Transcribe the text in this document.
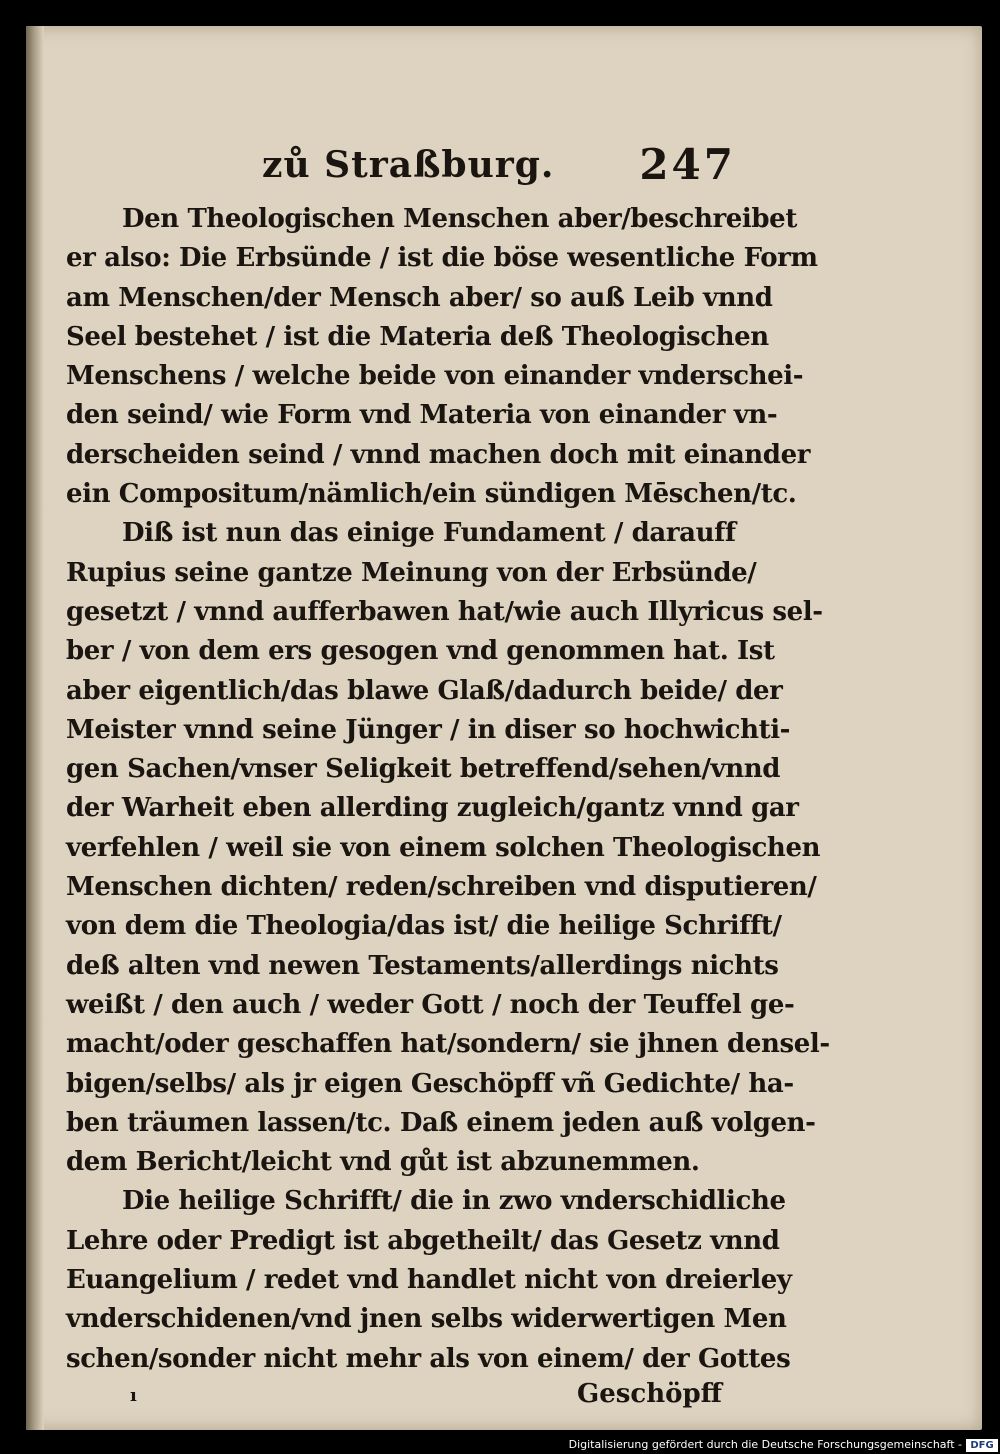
zů Straßburg. 247
Den Theologischen Menschen aber/beschreibet
er also: Die Erbsünde / ist die böse wesentliche Form
am Menschen/der Mensch aber/ so auß Leib vnnd
Seel bestehet / ist die Materia deß Theologischen
Menschens / welche beide von einander vnderschei-
den seind/ wie Form vnd Materia von einander vn-
derscheiden seind / vnnd machen doch mit einander
ein Compositum/nämlich/ein sündigen Mēschen/tc.
Diß ist nun das einige Fundament / darauff
Rupius seine gantze Meinung von der Erbsünde/
gesetzt / vnnd aufferbawen hat/wie auch Illyricus sel-
ber / von dem ers gesogen vnd genommen hat. Ist
aber eigentlich/das blawe Glaß/dadurch beide/ der
Meister vnnd seine Jünger / in diser so hochwichti-
gen Sachen/vnser Seligkeit betreffend/sehen/vnnd
der Warheit eben allerding zugleich/gantz vnnd gar
verfehlen / weil sie von einem solchen Theologischen
Menschen dichten/ reden/schreiben vnd disputieren/
von dem die Theologia/das ist/ die heilige Schrifft/
deß alten vnd newen Testaments/allerdings nichts
weißt / den auch / weder Gott / noch der Teuffel ge-
macht/oder geschaffen hat/sondern/ sie jhnen densel-
bigen/selbs/ als jr eigen Geschöpff vñ Gedichte/ ha-
ben träumen lassen/tc. Daß einem jeden auß volgen-
dem Bericht/leicht vnd gůt ist abzunemmen.
Die heilige Schrifft/ die in zwo vnderschidliche
Lehre oder Predigt ist abgetheilt/ das Gesetz vnnd
Euangelium / redet vnd handlet nicht von dreierley
vnderschidenen/vnd jnen selbs widerwertigen Men
schen/sonder nicht mehr als von einem/ der Gottes
ı	Geschöpff
Digitalisierung gefördert durch die Deutsche Forschungsgemeinschaft - DFG
